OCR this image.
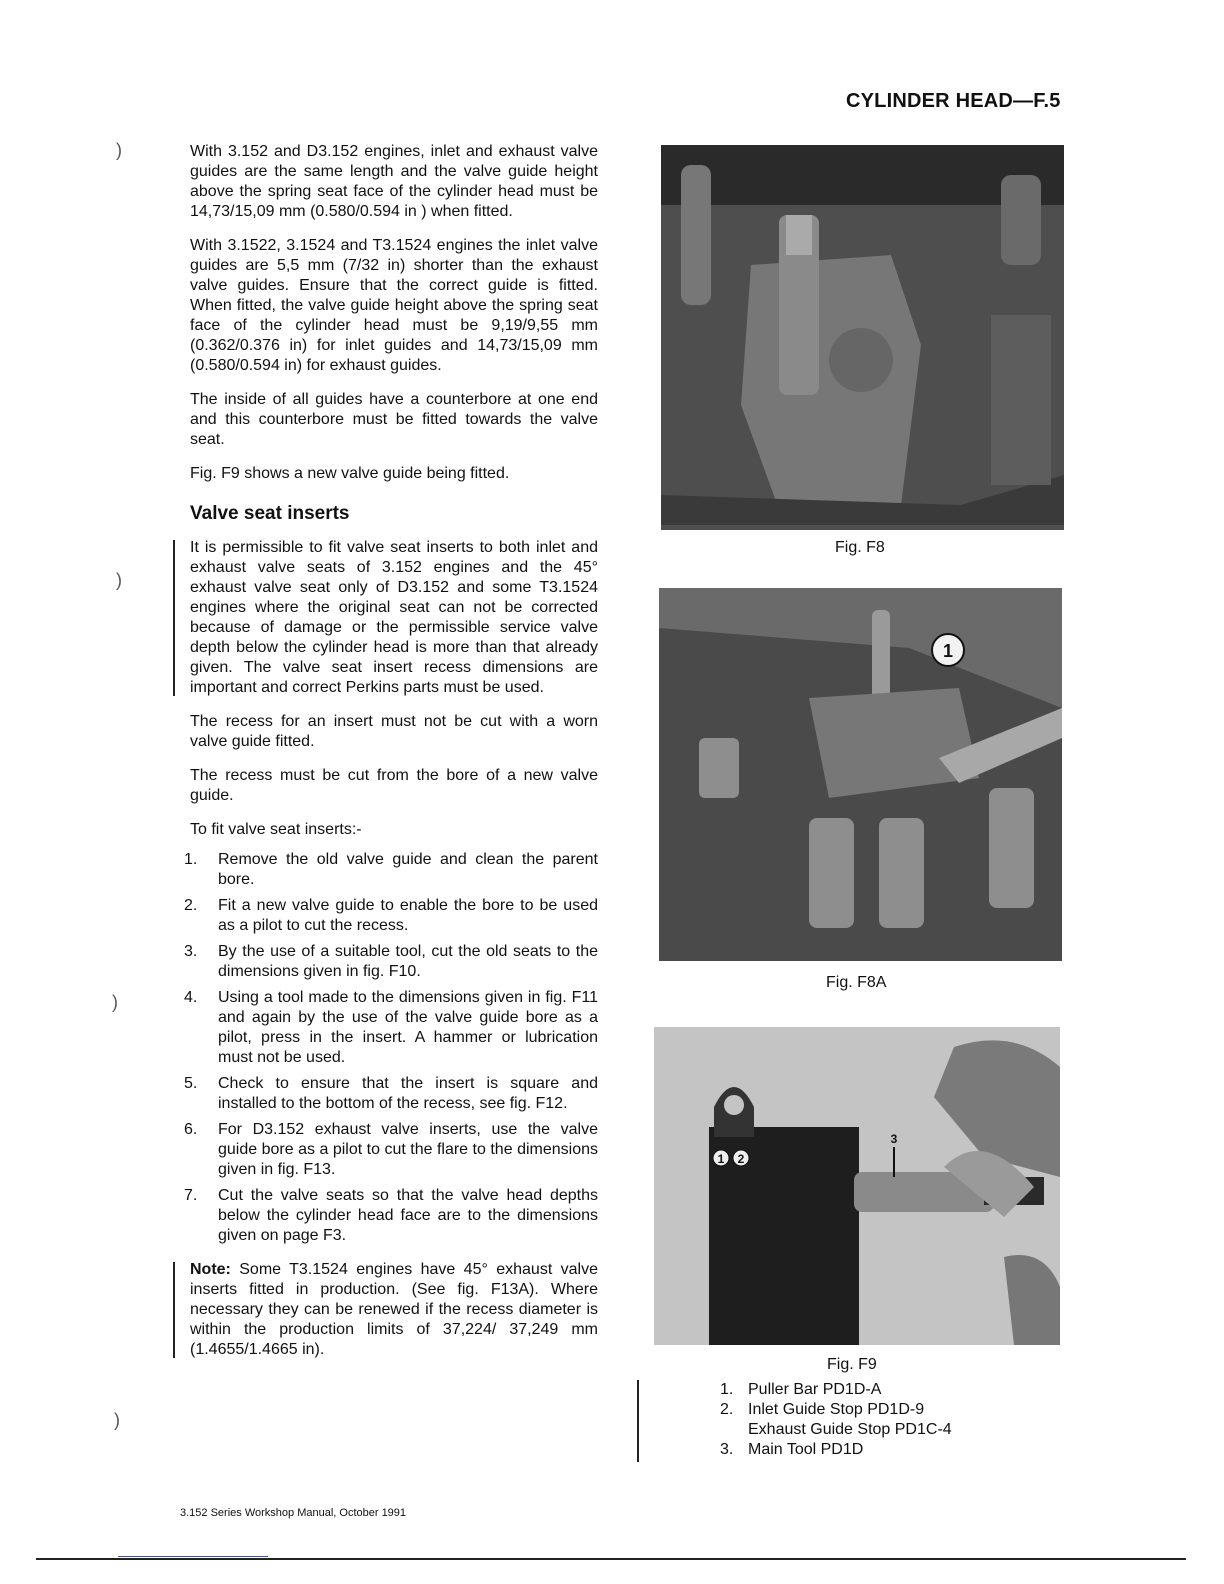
CYLINDER HEAD—F.5
)
)
)
)

With 3.152 and D3.152 engines, inlet and exhaust valve guides are the same length and the valve guide height above the spring seat face of the cylinder head must be 14,73/15,09 mm (0.580/0.594 in ) when fitted.

With 3.1522, 3.1524 and T3.1524 engines the inlet valve guides are 5,5 mm (7/32 in) shorter than the exhaust valve guides. Ensure that the correct guide is fitted. When fitted, the valve guide height above the spring seat face of the cylinder head must be 9,19/9,55 mm (0.362/0.376 in) for inlet guides and 14,73/15,09 mm (0.580/0.594 in) for exhaust guides.

The inside of all guides have a counterbore at one end and this counterbore must be fitted towards the valve seat.

Fig. F9 shows a new valve guide being fitted.

Valve seat inserts

It is permissible to fit valve seat inserts to both inlet and exhaust valve seats of 3.152 engines and the 45° exhaust valve seat only of D3.152 and some T3.1524 engines where the original seat can not be corrected because of damage or the permissible service valve depth below the cylinder head is more than that already given. The valve seat insert recess dimensions are important and correct Perkins parts must be used.

The recess for an insert must not be cut with a worn valve guide fitted.

The recess must be cut from the bore of a new valve guide.

To fit valve seat inserts:-

1. Remove the old valve guide and clean the parent bore.
2. Fit a new valve guide to enable the bore to be used as a pilot to cut the recess.
3. By the use of a suitable tool, cut the old seats to the dimensions given in fig. F10.
4. Using a tool made to the dimensions given in fig. F11 and again by the use of the valve guide bore as a pilot, press in the insert. A hammer or lubrication must not be used.
5. Check to ensure that the insert is square and installed to the bottom of the recess, see fig. F12.
6. For D3.152 exhaust valve inserts, use the valve guide bore as a pilot to cut the flare to the dimensions given in fig. F13.
7. Cut the valve seats so that the valve head depths below the cylinder head face are to the dimensions given on page F3.

Note: Some T3.1524 engines have 45° exhaust valve inserts fitted in production. (See fig. F13A). Where necessary they can be renewed if the recess diameter is within the production limits of 37,224/ 37,249 mm (1.4655/1.4665 in).

Fig. F8
1
Fig. F8A
1 2
3
Fig. F9
1. Puller Bar PD1D-A
2. Inlet Guide Stop PD1D-9
Exhaust Guide Stop PD1C-4
3. Main Tool PD1D
3.152 Series Workshop Manual, October 1991
